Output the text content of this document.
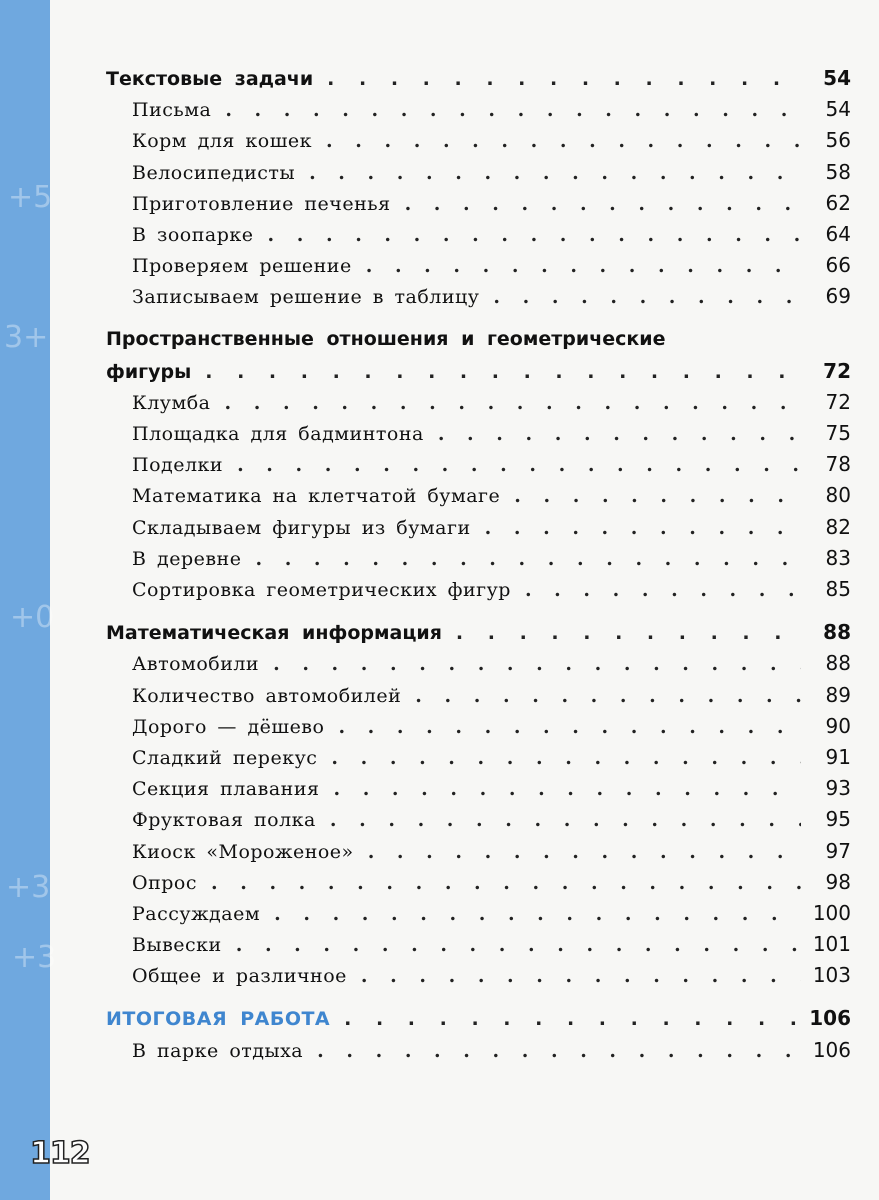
+5
3+
+0
+3
+3
Текстовые задачи . . .	54
Письма . . .	54
Корм для кошек . . .	56
Велосипедисты . . .	58
Приготовление печенья . . .	62
В зоопарке . . .	64
Проверяем решение . . .	66
Записываем решение в таблицу . . .	69
Пространственные отношения и геометрические
фигуры . . .	72
Клумба . . .	72
Площадка для бадминтона . . .	75
Поделки . . .	78
Математика на клетчатой бумаге . . .	80
Складываем фигуры из бумаги . . .	82
В деревне . . .	83
Сортировка геометрических фигур . . .	85
Математическая информация . . .	88
Автомобили . . .	88
Количество автомобилей . . .	89
Дорого — дёшево . . .	90
Сладкий перекус . . .	91
Секция плавания . . .	93
Фруктовая полка . . .	95
Киоск «Мороженое» . . .	97
Опрос . . .	98
Рассуждаем . . .	100
Вывески . . .	101
Общее и различное . . .	103
ИТОГОВАЯ РАБОТА . . .	106
В парке отдыха . . .	106
112
